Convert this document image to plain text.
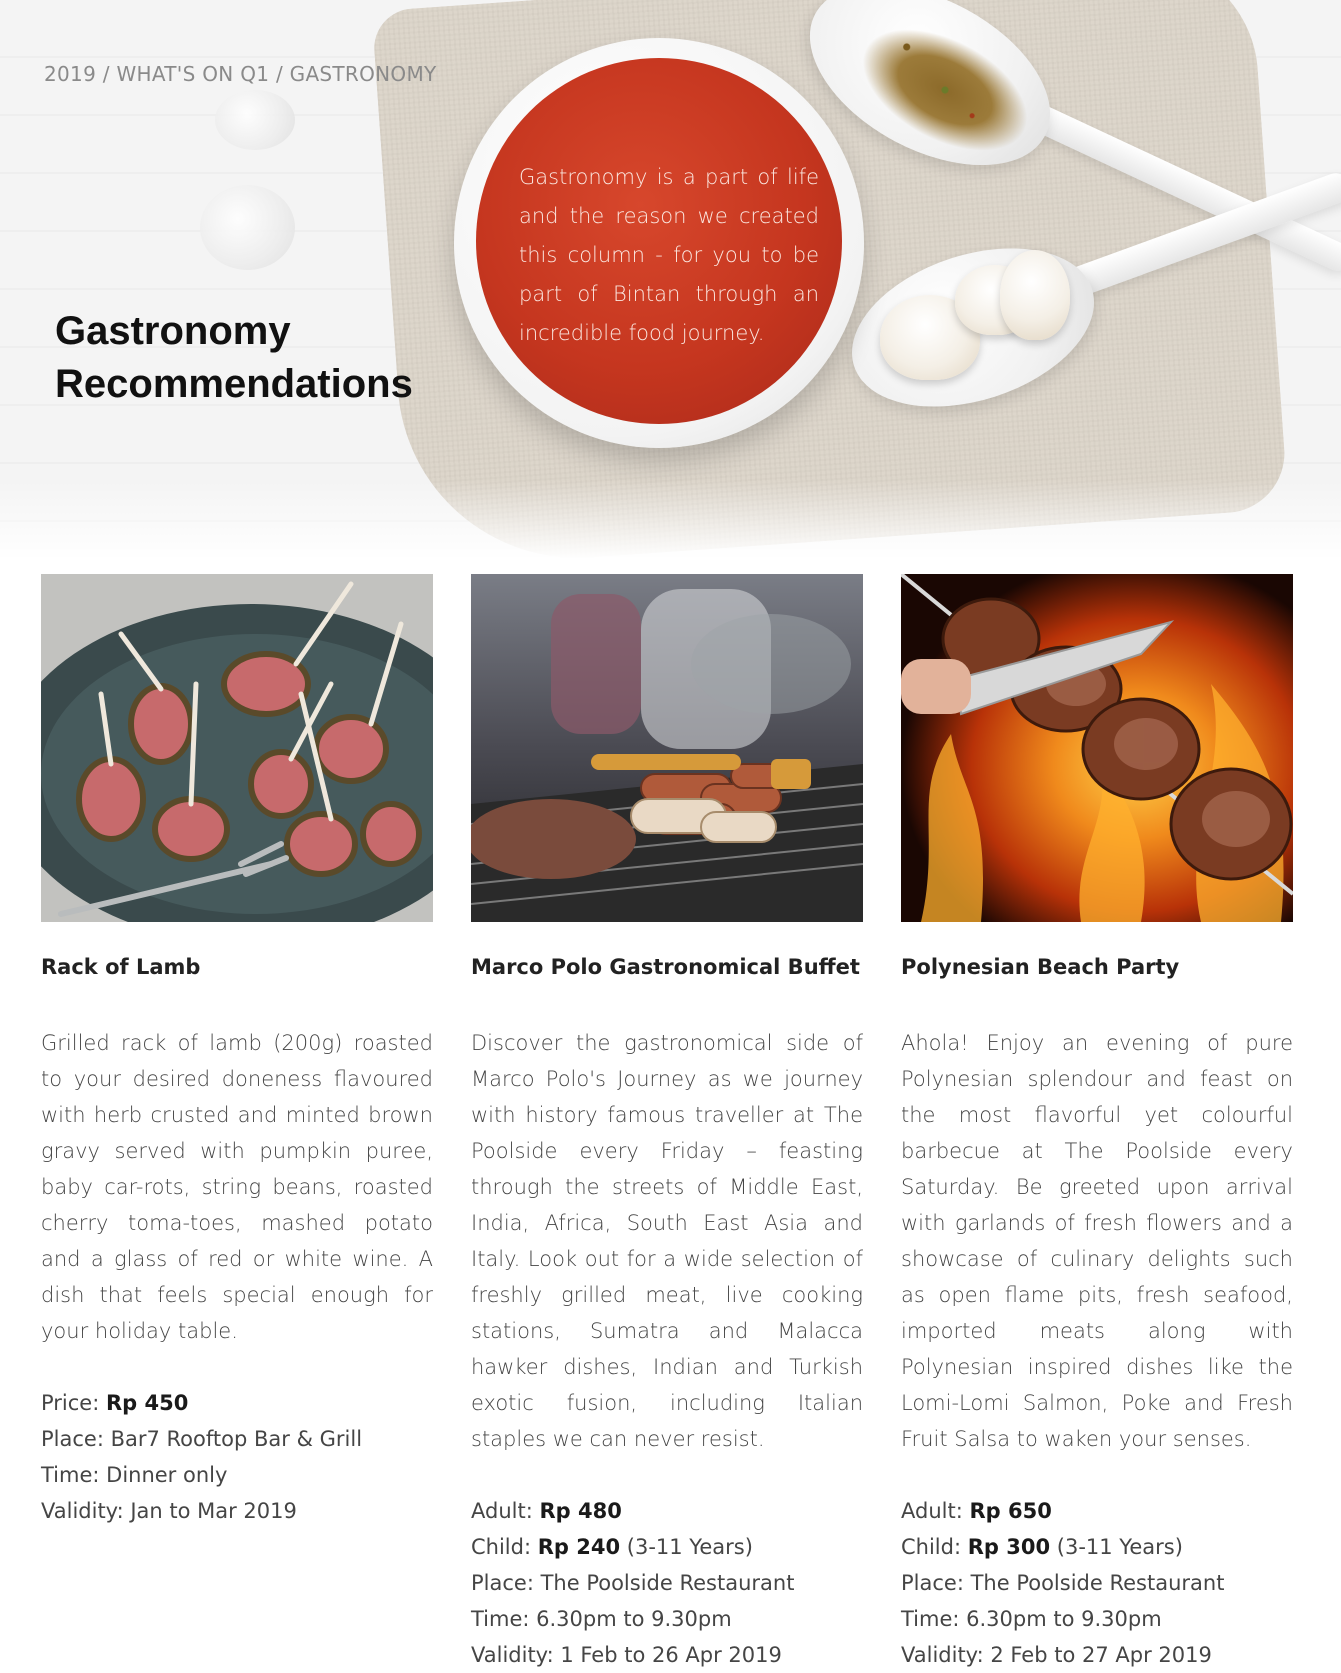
Gastronomy is a part of life and the reason we created this column - for you to be part of Bintan through an incredible food journey.
2019 / WHAT'S ON Q1 / GASTRONOMY
Gastronomy
Recommendations
Rack of Lamb
Grilled rack of lamb (200g) roasted to your desired doneness flavoured with herb crusted and minted brown gravy served with pumpkin puree, baby car-rots, string beans, roasted cherry toma-toes, mashed potato and a glass of red or white wine. A dish that feels special enough for your holiday table.
Price: Rp 450
Place: Bar7 Rooftop Bar & Grill
Time: Dinner only
Validity: Jan to Mar 2019
Marco Polo Gastronomical Buffet
Discover the gastronomical side of Marco Polo's Journey as we journey with history famous traveller at The Poolside every Friday – feasting through the streets of Middle East, India, Africa, South East Asia and Italy. Look out for a wide selection of freshly grilled meat, live cooking stations, Sumatra and Malacca hawker dishes, Indian and Turkish exotic fusion, including Italian staples we can never resist.
Adult: Rp 480
Child: Rp 240 (3-11 Years)
Place: The Poolside Restaurant
Time: 6.30pm to 9.30pm
Validity: 1 Feb to 26 Apr 2019
Polynesian Beach Party
Ahola! Enjoy an evening of pure Polynesian splendour and feast on the most flavorful yet colourful barbecue at The Poolside every Saturday. Be greeted upon arrival with garlands of fresh flowers and a showcase of culinary delights such as open flame pits, fresh seafood, imported meats along with Polynesian inspired dishes like the Lomi-Lomi Salmon, Poke and Fresh Fruit Salsa to waken your senses.
Adult: Rp 650
Child: Rp 300 (3-11 Years)
Place: The Poolside Restaurant
Time: 6.30pm to 9.30pm
Validity: 2 Feb to 27 Apr 2019
